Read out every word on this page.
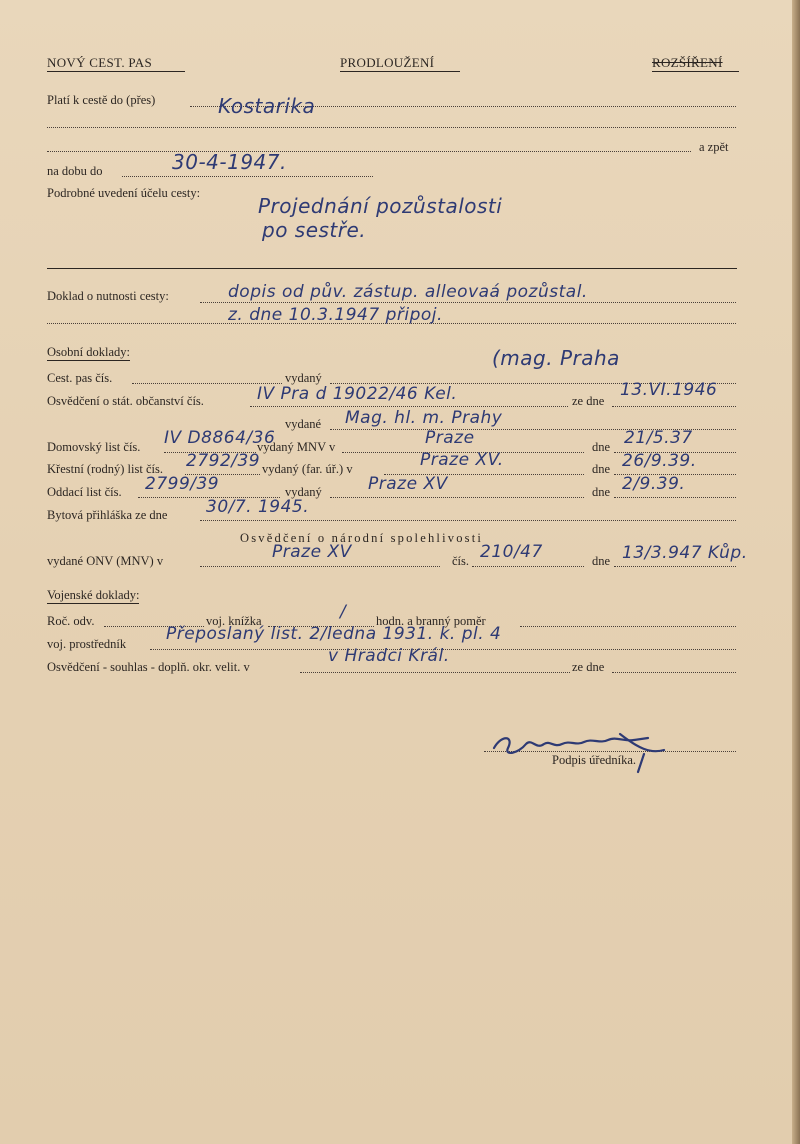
NOVÝ CEST. PAS	PRODLOUŽENÍ	ROZŠÍŘENÍ
Platí k cestě do (přes)	Kostarika
a zpět
na dobu do	30-4-1947.
Podrobné uvedení účelu cesty:
Projednání pozůstalosti
po sestře.
Doklad o nutnosti cesty:	dopis od pův. zástup. alleovaá pozůstal.
z. dne 10.3.1947 připoj.
Osobní doklady:
Cest. pas čís.	vydaný
(mag. Praha
Osvědčení o stát. občanství čís.	IV Pra d 19022/46 Kel.	ze dne
13.VI.1946
vydané Mag. hl. m. Prahy
Domovský list čís. IV D8864/36
vydaný MNV v	Praze	dne 21/5.37
Křestní (rodný) list čís. 2792/39 vydaný (far. úř.) v	Praze XV.	dne 26/9.39.
Oddací list čís. 2799/39	vydaný	Praze XV	dne 2/9.39.
Bytová přihláška ze dne 30/7. 1945.
Osvědčení o národní spolehlivosti
vydané ONV (MNV) v	Praze XV	čís. 210/47	dne 13/3.947 Kůp.
Vojenské doklady:
Roč. odv.	voj. knížka	/ hodn. a branný poměr
voj. prostředník Přeposlaný list. 2/ledna 1931. k. pl. 4
Osvědčení - souhlas - doplň. okr. velit. v
v Hradci Král.
ze dne
Podpis úředníka.
